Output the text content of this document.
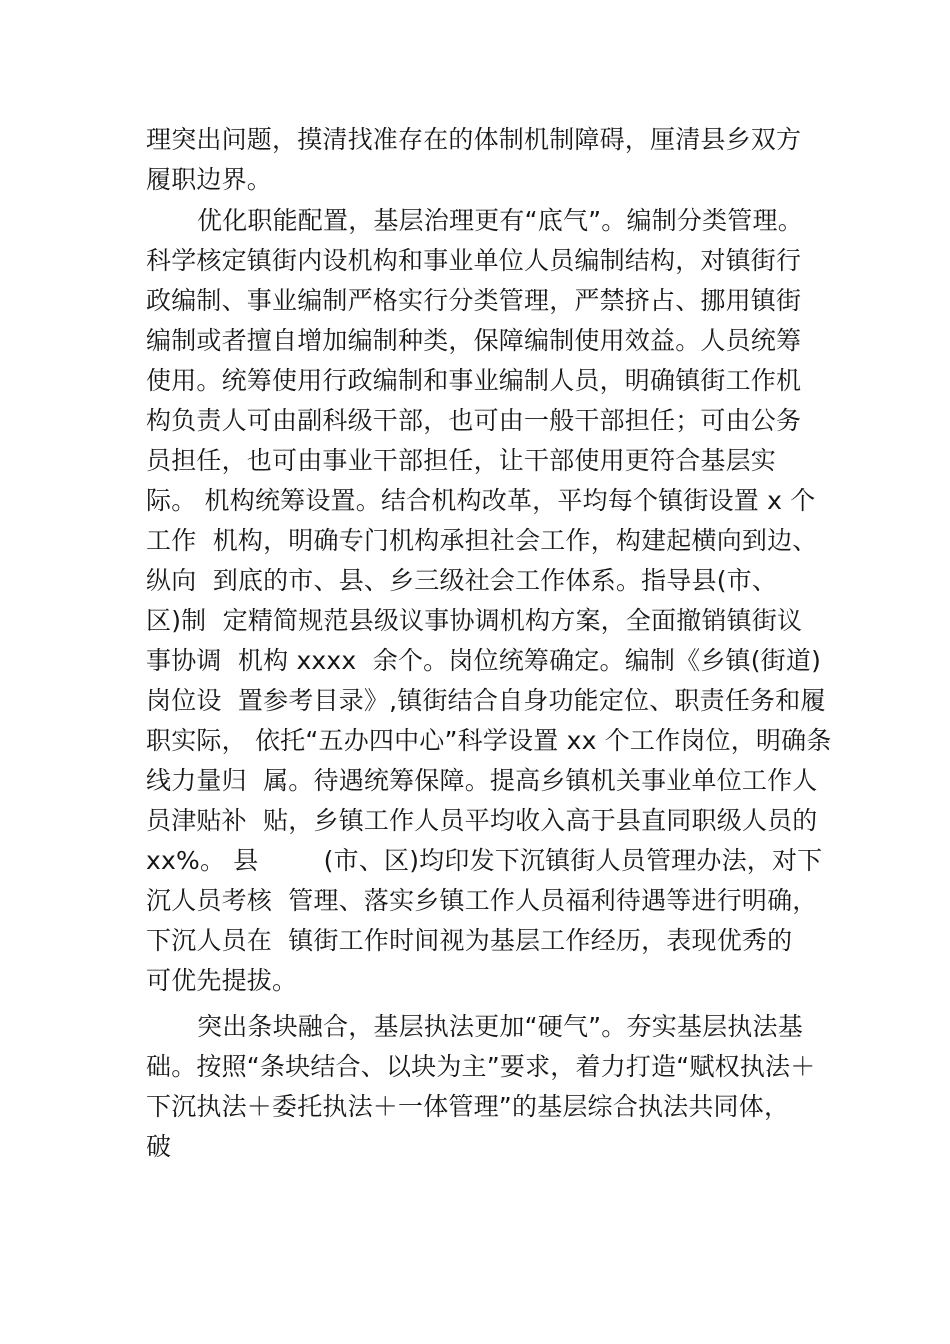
理突出问题，摸清找准存在的体制机制障碍，厘清县乡双方
履职边界。
优化职能配置，基层治理更有“底气”。编制分类管理。
科学核定镇街内设机构和事业单位人员编制结构，对镇街行
政编制、事业编制严格实行分类管理，严禁挤占、挪用镇街
编制或者擅自增加编制种类，保障编制使用效益。人员统筹
使用。统筹使用行政编制和事业编制人员，明确镇街工作机
构负责人可由副科级干部，也可由一般干部担任；可由公务
员担任，也可由事业干部担任，让干部使用更符合基层实
际。 机构统筹设置。结合机构改革，平均每个镇街设置 x 个
工作  机构，明确专门机构承担社会工作，构建起横向到边、
纵向  到底的市、县、乡三级社会工作体系。指导县(市、
区)制  定精简规范县级议事协调机构方案，全面撤销镇街议
事协调  机构 xxxx  余个。岗位统筹确定。编制《乡镇(街道)
岗位设  置参考目录》,镇街结合自身功能定位、职责任务和履
职实际， 依托“五办四中心”科学设置 xx 个工作岗位，明确条
线力量归  属。待遇统筹保障。提高乡镇机关事业单位工作人
员津贴补  贴，乡镇工作人员平均收入高于县直同职级人员的
xx%。 县        (市、区)均印发下沉镇街人员管理办法，对下
沉人员考核  管理、落实乡镇工作人员福利待遇等进行明确，
下沉人员在  镇街工作时间视为基层工作经历，表现优秀的
可优先提拔。
突出条块融合，基层执法更加“硬气”。夯实基层执法基
础。按照“条块结合、以块为主”要求，着力打造“赋权执法＋
下沉执法＋委托执法＋一体管理”的基层综合执法共同体，
破
